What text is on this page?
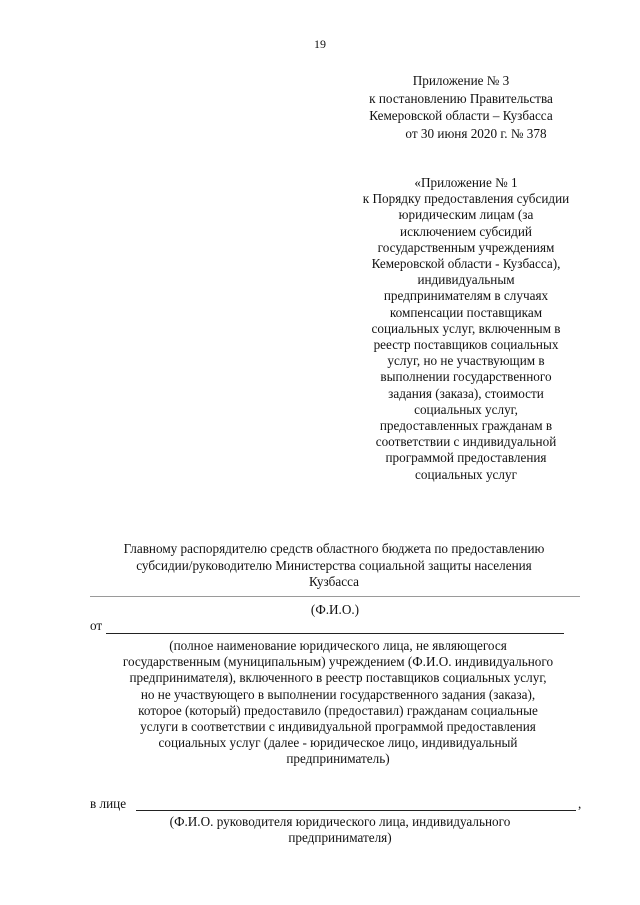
19
Приложение № 3
к постановлению Правительства
Кемеровской области – Кузбасса
от 30 июня 2020 г. № 378
«Приложение № 1
к Порядку предоставления субсидии
юридическим лицам (за
исключением субсидий
государственным учреждениям
Кемеровской области - Кузбасса),
индивидуальным
предпринимателям в случаях
компенсации поставщикам
социальных услуг, включенным в
реестр поставщиков социальных
услуг, но не участвующим в
выполнении государственного
задания (заказа), стоимости
социальных услуг,
предоставленных гражданам в
соответствии с индивидуальной
программой предоставления
социальных услуг
Главному распорядителю средств областного бюджета по предоставлению
субсидии/руководителю Министерства социальной защиты населения
Кузбасса
(Ф.И.О.)
от
(полное наименование юридического лица, не являющегося
государственным (муниципальным) учреждением (Ф.И.О. индивидуального
предпринимателя), включенного в реестр поставщиков социальных услуг,
но не участвующего в выполнении государственного задания (заказа),
которое (который) предоставило (предоставил) гражданам социальные
услуги в соответствии с индивидуальной программой предоставления
социальных услуг (далее - юридическое лицо, индивидуальный
предприниматель)
в лице	,
(Ф.И.О. руководителя юридического лица, индивидуального
предпринимателя)
